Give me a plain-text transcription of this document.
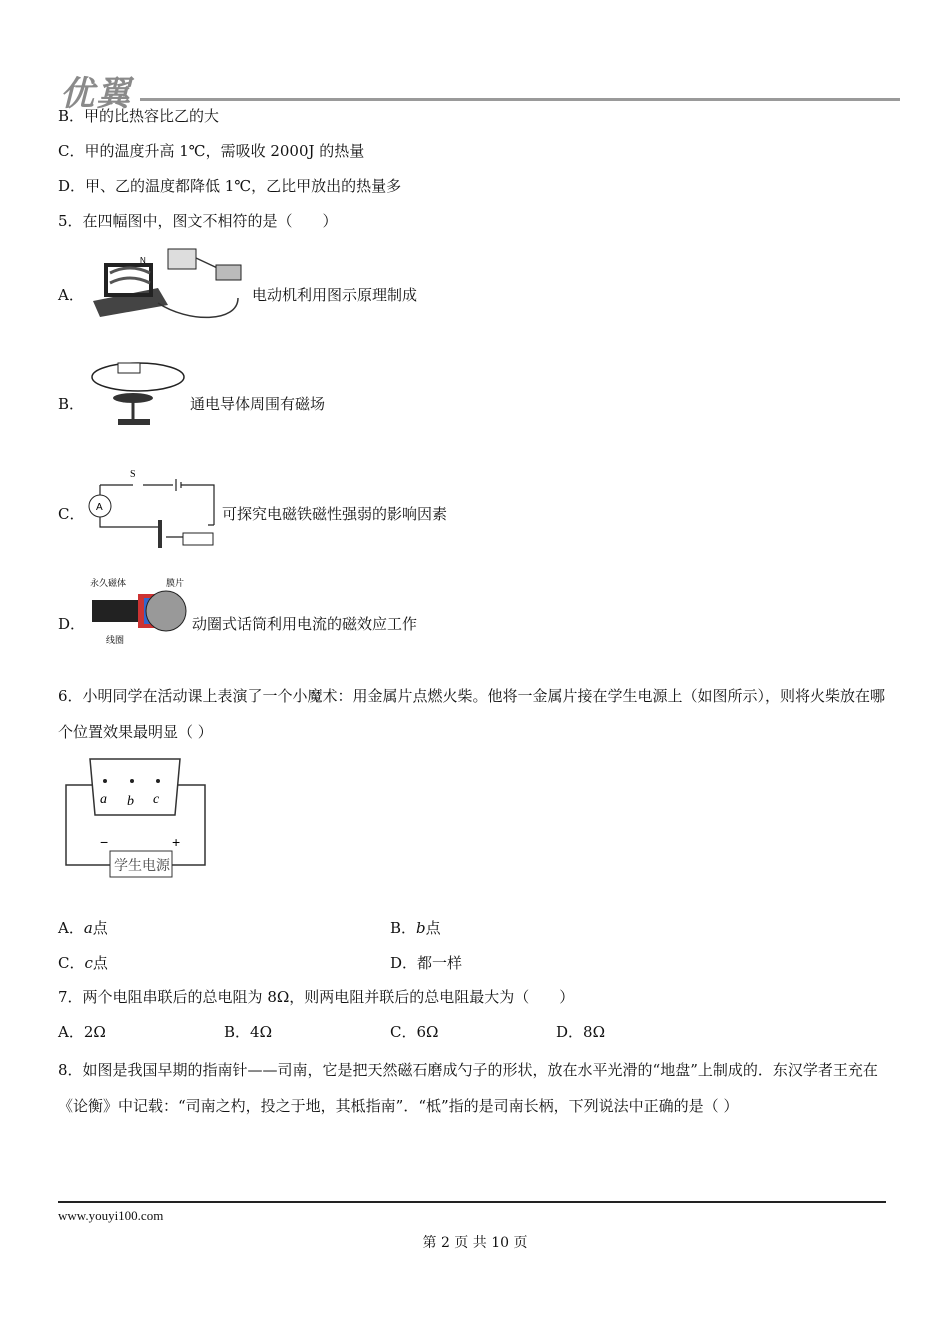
优翼
B．甲的比热容比乙的大
C．甲的温度升高 1℃，需吸收 2000J 的热量
D．甲、乙的温度都降低 1℃，乙比甲放出的热量多
5．在四幅图中，图文不相符的是（　　）
A．
N
电动机利用图示原理制成
B．	通电导体周围有磁场
C．
S
A	可探究电磁铁磁性强弱的影响因素
D．
永久磁体	膜片
线圈
动圈式话筒利用电流的磁效应工作
6．小明同学在活动课上表演了一个小魔术：用金属片点燃火柴。他将一金属片接在学生电源上（如图所示），则将火柴放在哪个位置效果最明显（ ）
a b c
−	+
学生电源
A．a点	B．b点
C．c点	D．都一样
7．两个电阻串联后的总电阻为 8Ω，则两电阻并联后的总电阻最大为（　　）
A．2Ω	B．4Ω	C．6Ω	D．8Ω
8．如图是我国早期的指南针——司南，它是把天然磁石磨成勺子的形状，放在水平光滑的“地盘”上制成的．东汉学者王充在《论衡》中记载：“司南之杓，投之于地，其柢指南”．“柢”指的是司南长柄，下列说法中正确的是（ ）
www.youyi100.com
第 2 页 共 10 页
